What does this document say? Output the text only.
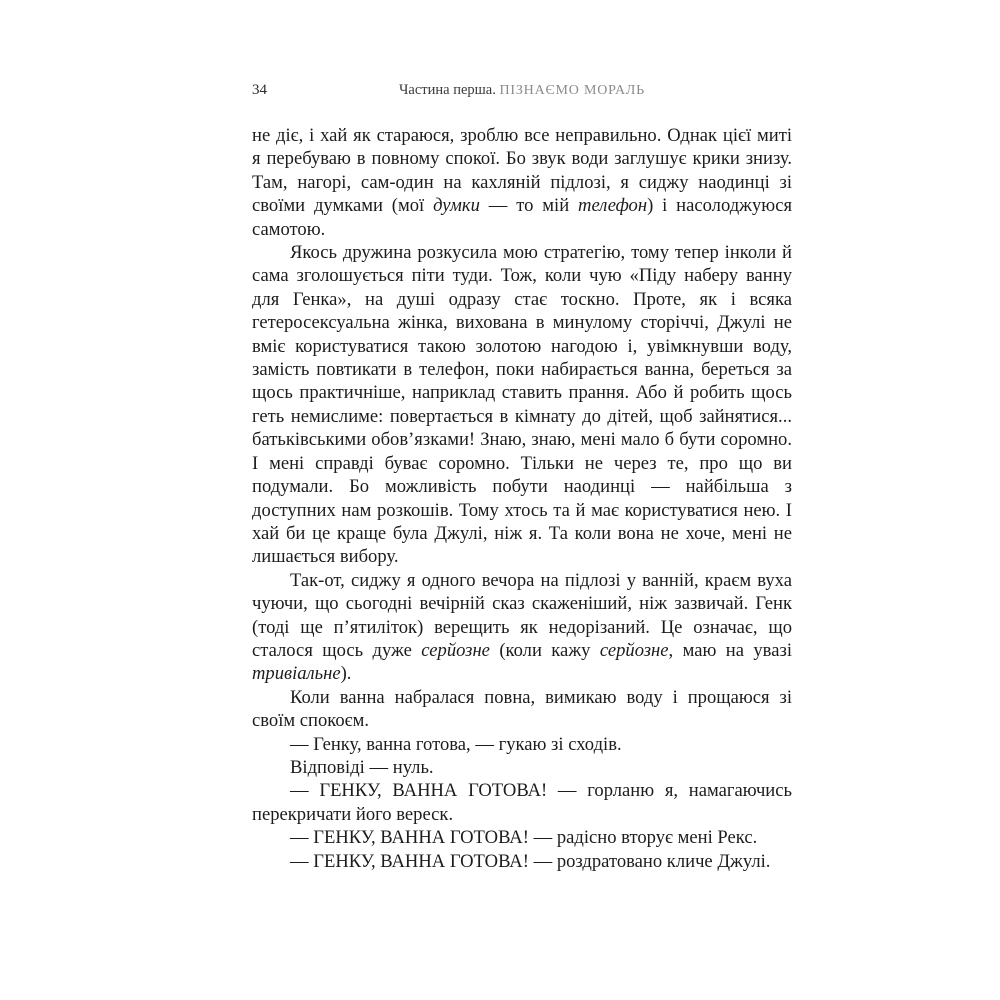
34	Частина перша. ПІЗНАЄМО МОРАЛЬ

не діє, і хай як стараюся, зроблю все неправильно. Однак цієї миті я перебуваю в повному спокої. Бо звук води заглушує крики знизу. Там, нагорі, сам-один на кахляній підлозі, я сиджу наодинці зі своїми думками (мої думки — то мій телефон) і насолоджуюся самотою.

Якось дружина розкусила мою стратегію, тому тепер інколи й сама зголошується піти туди. Тож, коли чую «Піду наберу ванну для Генка», на душі одразу стає тоскно. Проте, як і всяка гетеросексуальна жінка, вихована в минулому сторіччі, Джулі не вміє користуватися такою золотою нагодою і, увімкнувши воду, замість повтикати в телефон, поки набирається ванна, береться за щось практичніше, наприклад ставить прання. Або й робить щось геть немислиме: повертається в кімнату до дітей, щоб зайнятися... батьківськими обов’язками! Знаю, знаю, мені мало б бути соромно. І мені справді буває соромно. Тільки не через те, про що ви подумали. Бо можливість побути наодинці — найбільша з доступних нам розкошів. Тому хтось та й має користуватися нею. І хай би це краще була Джулі, ніж я. Та коли вона не хоче, мені не лишається вибору.

Так-от, сиджу я одного вечора на підлозі у ванній, краєм вуха чуючи, що сьогодні вечірній сказ скаженіший, ніж зазвичай. Генк (тоді ще п’ятиліток) верещить як недорізаний. Це означає, що сталося щось дуже серйозне (коли кажу серйозне, маю на увазі тривіальне).

Коли ванна набралася повна, вимикаю воду і прощаюся зі своїм спокоєм.

— Генку, ванна готова, — гукаю зі сходів.

Відповіді — нуль.

— ГЕНКУ, ВАННА ГОТОВА! — горланю я, намагаючись перекричати його вереск.

— ГЕНКУ, ВАННА ГОТОВА! — радісно вторує мені Рекс.

— ГЕНКУ, ВАННА ГОТОВА! — роздратовано кличе Джулі.
